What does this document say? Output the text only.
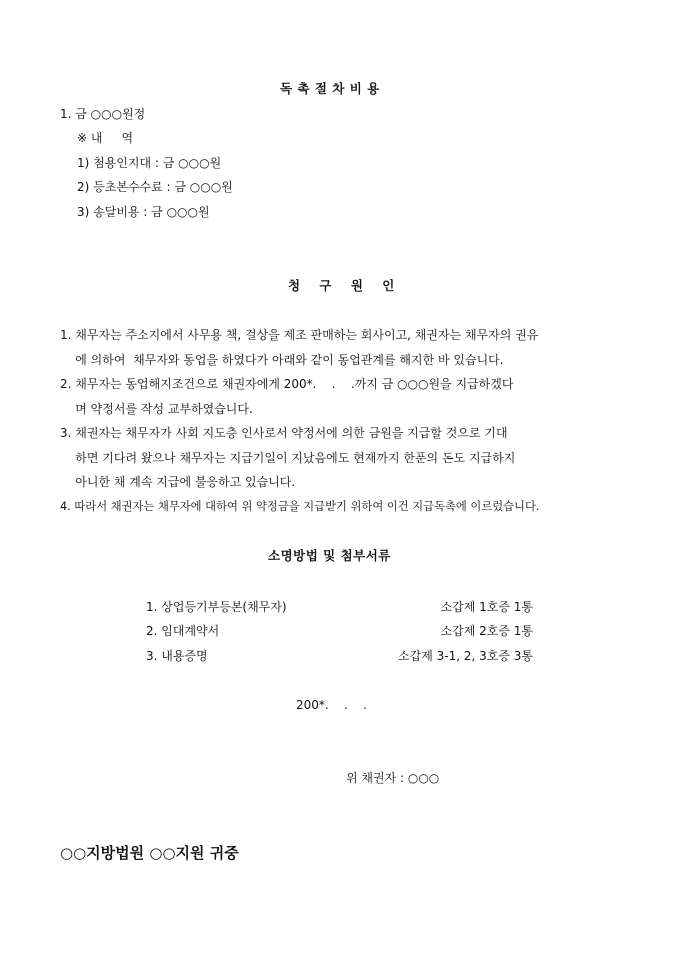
독 촉 절 차 비 용
1. 금 ○○○원정
※ 내     역
1) 첨용인지대 : 금 ○○○원
2) 등초본수수료 : 금 ○○○원
3) 송달비용 : 금 ○○○원
청 구 원 인
1. 채무자는 주소지에서 사무용 책, 걸상을 제조 판매하는 회사이고, 채권자는 채무자의 권유
에 의하여  채무자와 동업을 하였다가 아래와 같이 동업관계를 해지한 바 있습니다.
2. 채무자는 동업해지조건으로 채권자에게 200*.    .    .까지 금 ○○○원을 지급하겠다
며 약정서를 작성 교부하였습니다.
3. 채권자는 채무자가 사회 지도층 인사로서 약정서에 의한 금원을 지급할 것으로 기대
하면 기다려 왔으나 채무자는 지급기일이 지났음에도 현재까지 한푼의 돈도 지급하지
아니한 채 계속 지급에 불응하고 있습니다.
4. 따라서 채권자는 채무자에 대하여 위 약정금을 지급받기 위하여 이건 지급독촉에 이르렀습니다.
소명방법 및 첨부서류
1. 상업등기부등본(채무자)	소갑제 1호증 1통
2. 임대계약서	소갑제 2호증 1통
3. 내용증명	소갑제 3-1, 2, 3호증 3통
200*.    .    .
위 채권자 : ○○○
○○지방법원 ○○지원 귀중
